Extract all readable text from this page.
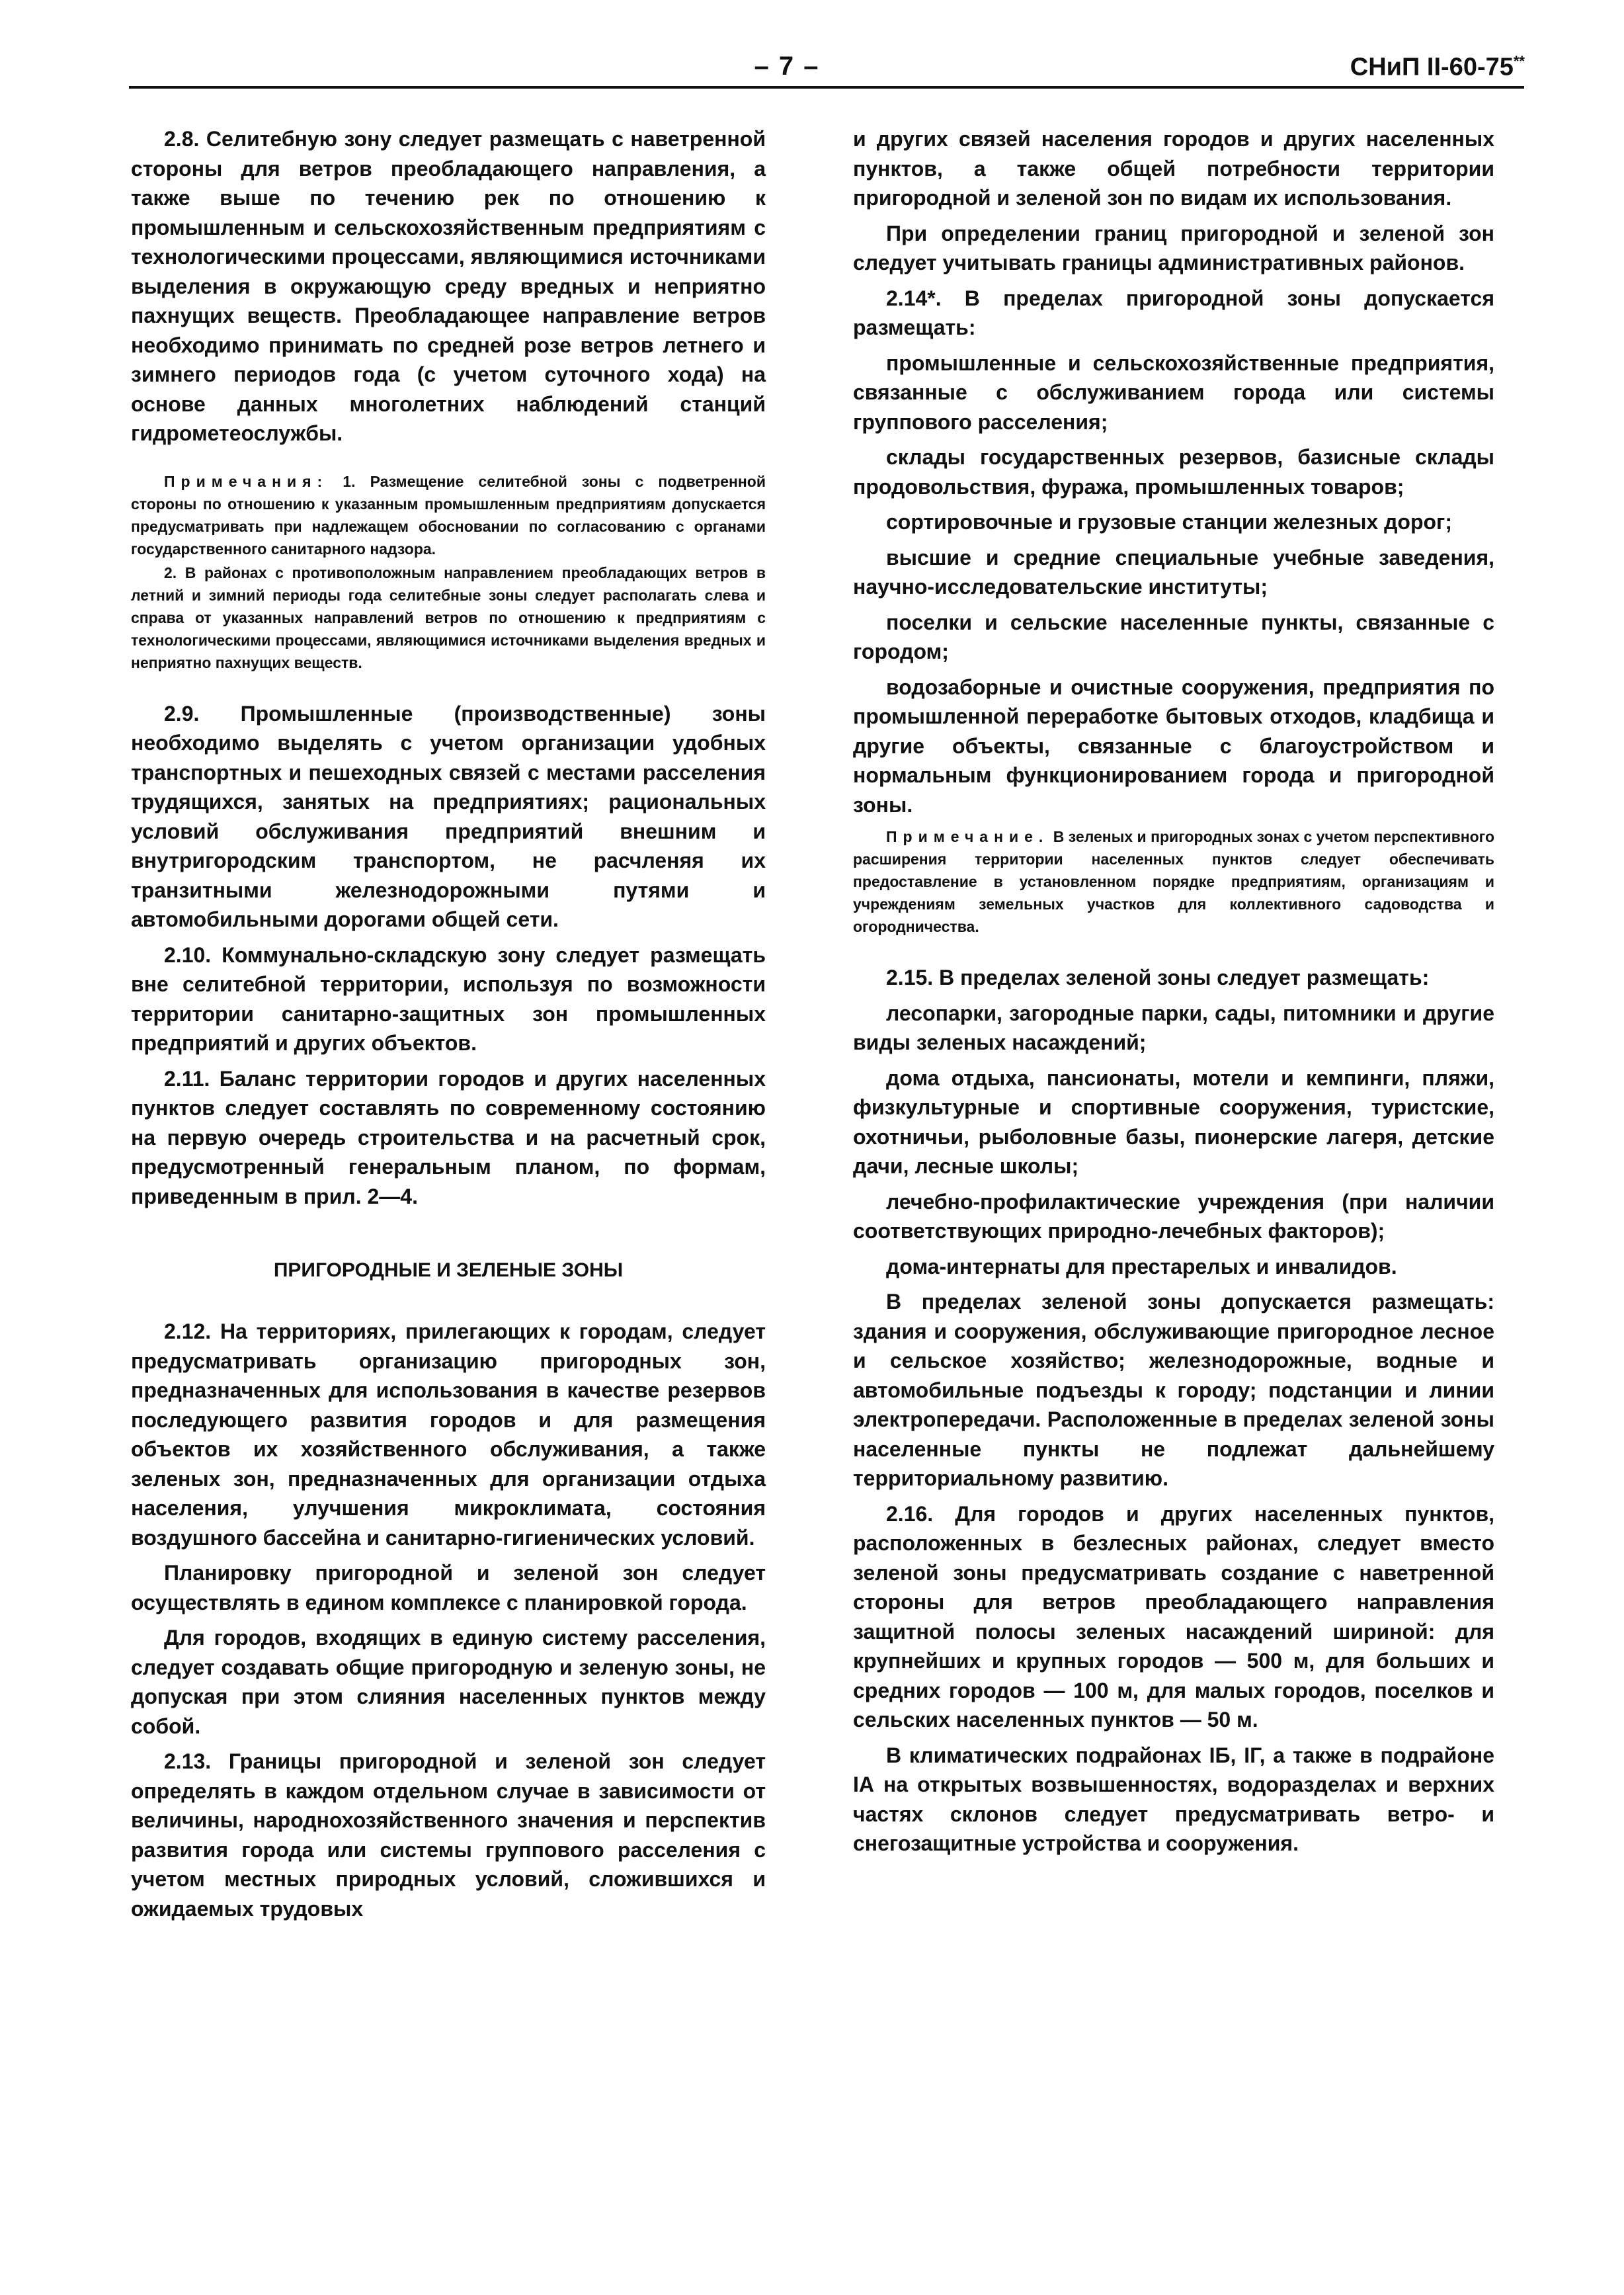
– 7 –	СНиП II-60-75**

2.8. Селитебную зону следует размещать с наветренной стороны для ветров преобладающего направления, а также выше по течению рек по отношению к промышленным и сельскохозяйственным предприятиям с технологическими процессами, являющимися источниками выделения в окружающую среду вредных и неприятно пахнущих веществ. Преобладающее направление ветров необходимо принимать по средней розе ветров летнего и зимнего периодов года (с учетом суточного хода) на основе данных многолетних наблюдений станций гидрометеослужбы.

Примечания: 1. Размещение селитебной зоны с подветренной стороны по отношению к указанным промышленным предприятиям допускается предусматривать при надлежащем обосновании по согласованию с органами государственного санитарного надзора.

2. В районах с противоположным направлением преобладающих ветров в летний и зимний периоды года селитебные зоны следует располагать слева и справа от указанных направлений ветров по отношению к предприятиям с технологическими процессами, являющимися источниками выделения вредных и неприятно пахнущих веществ.

2.9. Промышленные (производственные) зоны необходимо выделять с учетом организации удобных транспортных и пешеходных связей с местами расселения трудящихся, занятых на предприятиях; рациональных условий обслуживания предприятий внешним и внутригородским транспортом, не расчленяя их транзитными железнодорожными путями и автомобильными дорогами общей сети.

2.10. Коммунально-складскую зону следует размещать вне селитебной территории, используя по возможности территории санитарно-защитных зон промышленных предприятий и других объектов.

2.11. Баланс территории городов и других населенных пунктов следует составлять по современному состоянию на первую очередь строительства и на расчетный срок, предусмотренный генеральным планом, по формам, приведенным в прил. 2—4.

ПРИГОРОДНЫЕ И ЗЕЛЕНЫЕ ЗОНЫ

2.12. На территориях, прилегающих к городам, следует предусматривать организацию пригородных зон, предназначенных для использования в качестве резервов последующего развития городов и для размещения объектов их хозяйственного обслуживания, а также зеленых зон, предназначенных для организации отдыха населения, улучшения микроклимата, состояния воздушного бассейна и санитарно-гигиенических условий.

Планировку пригородной и зеленой зон следует осуществлять в едином комплексе с планировкой города.

Для городов, входящих в единую систему расселения, следует создавать общие пригородную и зеленую зоны, не допуская при этом слияния населенных пунктов между собой.

2.13. Границы пригородной и зеленой зон следует определять в каждом отдельном случае в зависимости от величины, народнохозяйственного значения и перспектив развития города или системы группового расселения с учетом местных природных условий, сложившихся и ожидаемых трудовых

и других связей населения городов и других населенных пунктов, а также общей потребности территории пригородной и зеленой зон по видам их использования.

При определении границ пригородной и зеленой зон следует учитывать границы административных районов.

2.14*. В пределах пригородной зоны допускается размещать:

промышленные и сельскохозяйственные предприятия, связанные с обслуживанием города или системы группового расселения;

склады государственных резервов, базисные склады продовольствия, фуража, промышленных товаров;

сортировочные и грузовые станции железных дорог;

высшие и средние специальные учебные заведения, научно-исследовательские институты;

поселки и сельские населенные пункты, связанные с городом;

водозаборные и очистные сооружения, предприятия по промышленной переработке бытовых отходов, кладбища и другие объекты, связанные с благоустройством и нормальным функционированием города и пригородной зоны.

Примечание. В зеленых и пригородных зонах с учетом перспективного расширения территории населенных пунктов следует обеспечивать предоставление в установленном порядке предприятиям, организациям и учреждениям земельных участков для коллективного садоводства и огородничества.

2.15. В пределах зеленой зоны следует размещать:

лесопарки, загородные парки, сады, питомники и другие виды зеленых насаждений;

дома отдыха, пансионаты, мотели и кемпинги, пляжи, физкультурные и спортивные сооружения, туристские, охотничьи, рыболовные базы, пионерские лагеря, детские дачи, лесные школы;

лечебно-профилактические учреждения (при наличии соответствующих природно-лечебных факторов);

дома-интернаты для престарелых и инвалидов.

В пределах зеленой зоны допускается размещать: здания и сооружения, обслуживающие пригородное лесное и сельское хозяйство; железнодорожные, водные и автомобильные подъезды к городу; подстанции и линии электропередачи. Расположенные в пределах зеленой зоны населенные пункты не подлежат дальнейшему территориальному развитию.

2.16. Для городов и других населенных пунктов, расположенных в безлесных районах, следует вместо зеленой зоны предусматривать создание с наветренной стороны для ветров преобладающего направления защитной полосы зеленых насаждений шириной: для крупнейших и крупных городов — 500 м, для больших и средних городов — 100 м, для малых городов, поселков и сельских населенных пунктов — 50 м.

В климатических подрайонах IБ, IГ, а также в подрайоне IА на открытых возвышенностях, водоразделах и верхних частях склонов следует предусматривать ветро- и снегозащитные устройства и сооружения.
